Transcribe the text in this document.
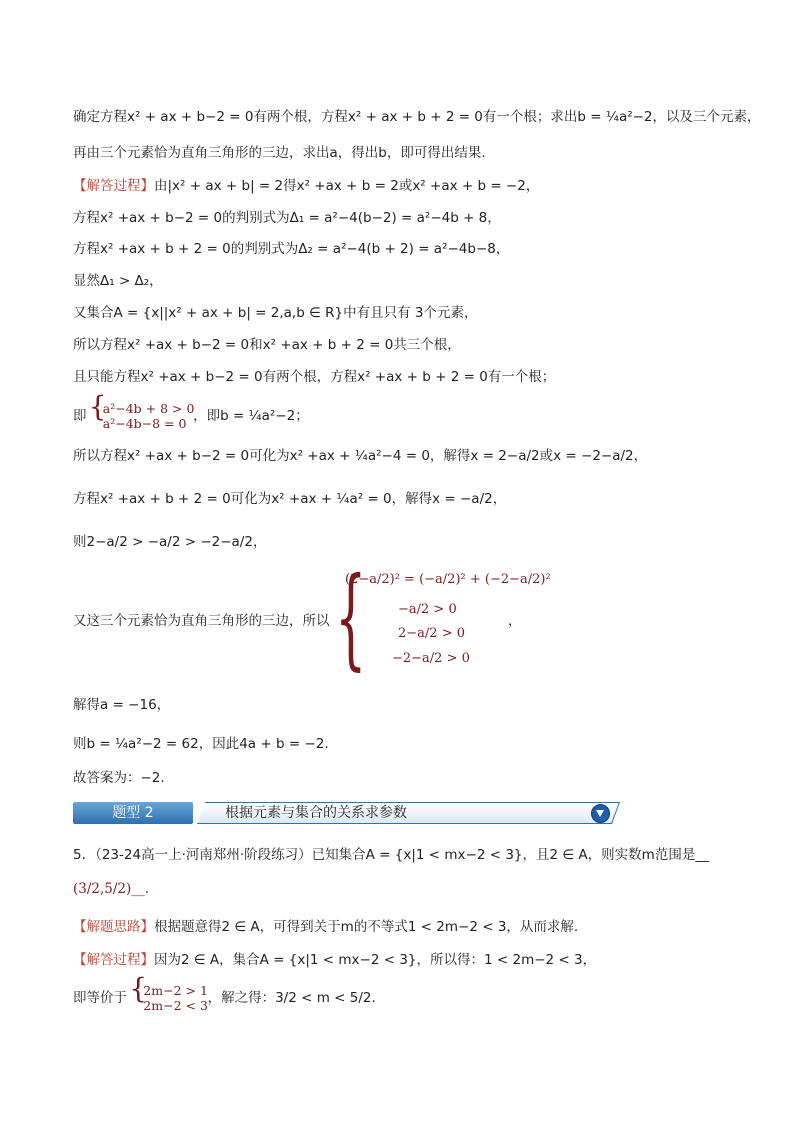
确定方程x² + ax + b−2 = 0有两个根，方程x² + ax + b + 2 = 0有一个根；求出b = ¼a²−2，以及三个元素，
再由三个元素恰为直角三角形的三边，求出a，得出b，即可得出结果.
【解答过程】由|x² + ax + b| = 2得x² +ax + b = 2或x² +ax + b = −2，
方程x² +ax + b−2 = 0的判别式为Δ₁ = a²−4(b−2) = a²−4b + 8，
方程x² +ax + b + 2 = 0的判别式为Δ₂ = a²−4(b + 2) = a²−4b−8，
显然Δ₁ > Δ₂，
又集合A = {x||x² + ax + b| = 2,a,b ∈ R}中有且只有 3个元素，
所以方程x² +ax + b−2 = 0和x² +ax + b + 2 = 0共三个根，
且只能方程x² +ax + b−2 = 0有两个根，方程x² +ax + b + 2 = 0有一个根；
即 {
a²−4b + 8 > 0
a²−4b−8 = 0 ，即b = ¼a²−2；
所以方程x² +ax + b−2 = 0可化为x² +ax + ¼a²−4 = 0，解得x = 2−a/2或x = −2−a/2，
方程x² +ax + b + 2 = 0可化为x² +ax + ¼a² = 0，解得x = −a/2，
则2−a/2 > −a/2 > −2−a/2，
又这三个元素恰为直角三角形的三边，所以 {
(2−a/2)² = (−a/2)² + (−2−a/2)²
−a/2 > 0
2−a/2 > 0
−2−a/2 > 0
，
解得a = −16，
则b = ¼a²−2 = 62，因此4a + b = −2.
故答案为：−2.
题型 2	根据元素与集合的关系求参数
5．（23-24高一上·河南郑州·阶段练习）已知集合A = {x|1 < mx−2 < 3}，且2 ∈ A，则实数m范围是__
(3/2,5/2)__.
【解题思路】根据题意得2 ∈ A，可得到关于m的不等式1 < 2m−2 < 3，从而求解.
【解答过程】因为2 ∈ A，集合A = {x|1 < mx−2 < 3}，所以得：1 < 2m−2 < 3，
即等价于 {
2m−2 > 1
2m−2 < 3 ，解之得：3/2 < m < 5/2.
